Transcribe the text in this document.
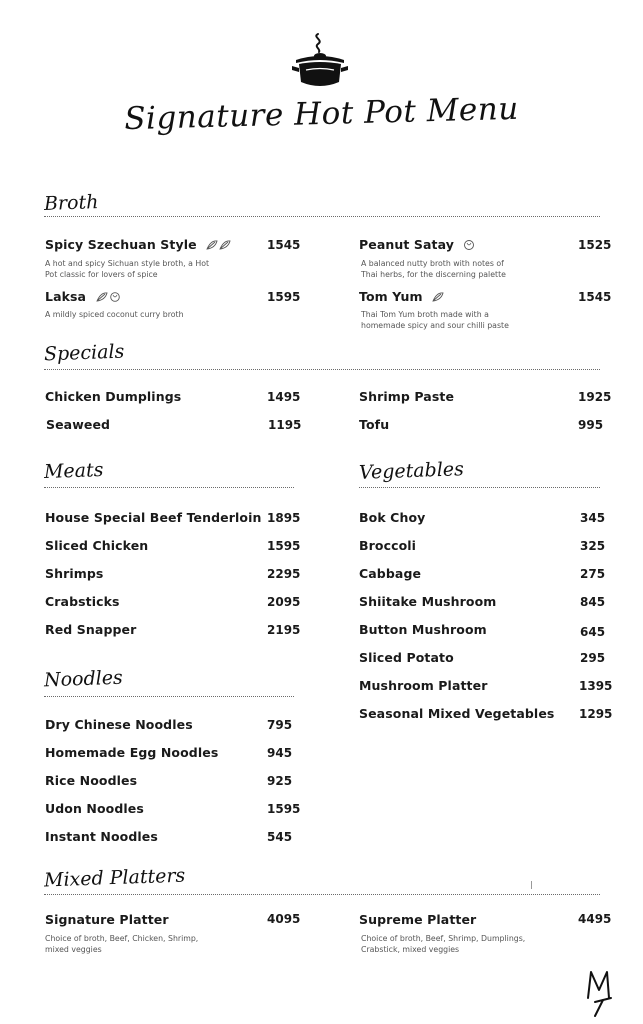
Signature Hot Pot Menu
Broth
Spicy Szechuan Style	1545
A hot and spicy Sichuan style broth, a Hot Pot classic for lovers of spice
Laksa	1595
A mildly spiced coconut curry broth
Peanut Satay	1525
A balanced nutty broth with notes of Thai herbs, for the discerning palette
Tom Yum	1545
Thai Tom Yum broth made with a homemade spicy and sour chilli paste
Specials
Chicken Dumplings	1495
Seaweed	1195
Shrimp Paste	1925
Tofu	995
Meats
House Special Beef Tenderloin 1895
Sliced Chicken	1595
Shrimps	2295
Crabsticks	2095
Red Snapper	2195
Vegetables
Bok Choy	345
Broccoli	325
Cabbage	275
Shiitake Mushroom	845
Button Mushroom	645
Sliced Potato	295
Mushroom Platter	1395
Seasonal Mixed Vegetables 1295
Noodles
Dry Chinese Noodles	795
Homemade Egg Noodles	945
Rice Noodles	925
Udon Noodles	1595
Instant Noodles	545
Mixed Platters
Signature Platter	4095
Choice of broth, Beef, Chicken, Shrimp, mixed veggies
Supreme Platter	4495
Choice of broth, Beef, Shrimp, Dumplings, Crabstick, mixed veggies
